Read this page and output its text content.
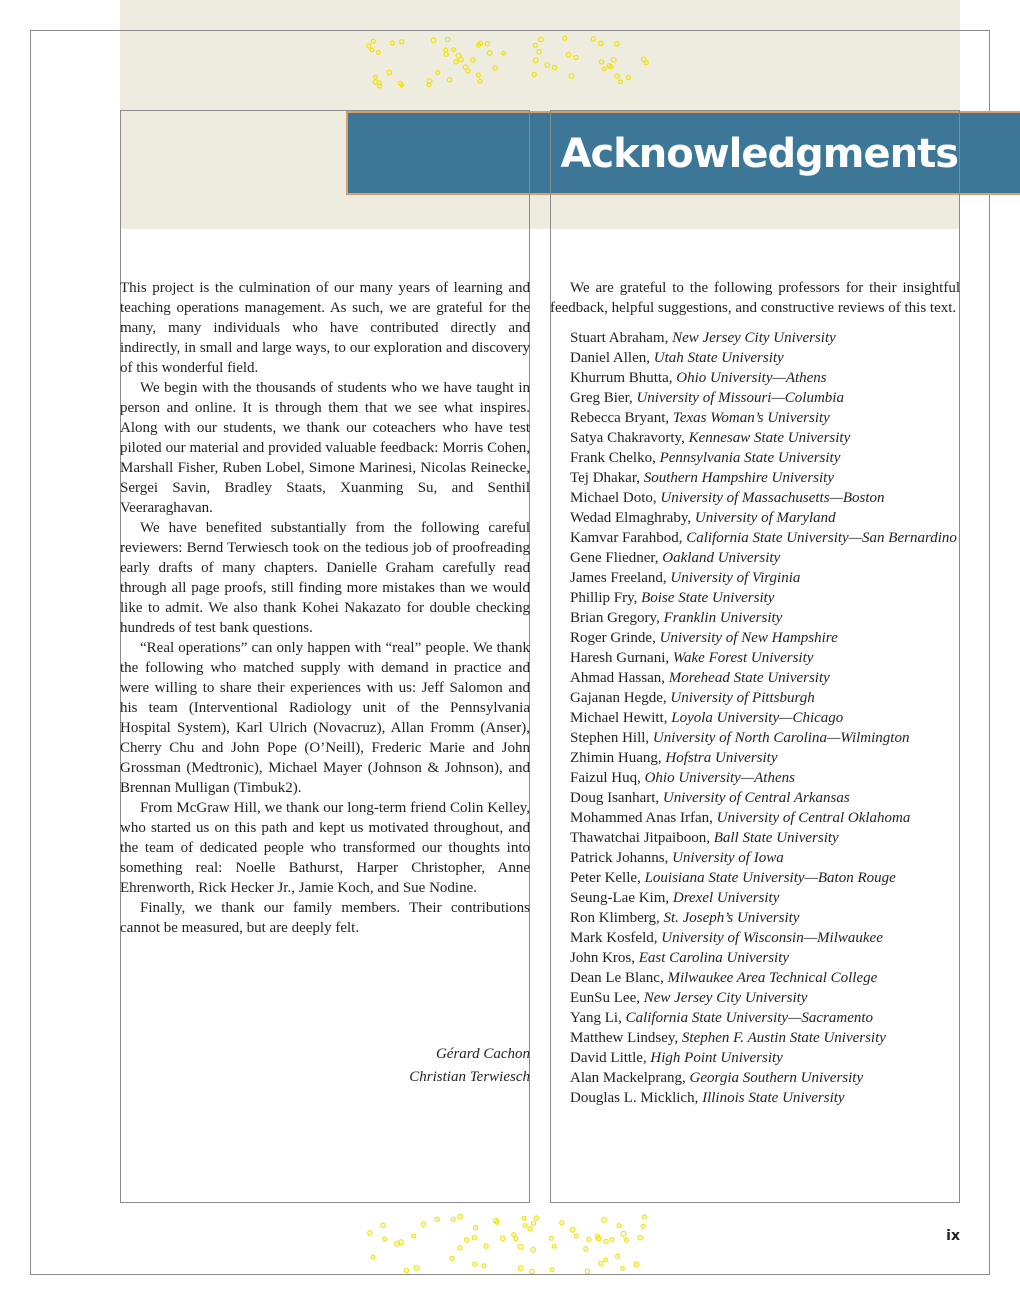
Acknowledgments

This project is the culmination of our many years of learning and teaching operations management. As such, we are grateful for the many, many individuals who have contributed directly and indirectly, in small and large ways, to our exploration and discovery of this wonderful field.

We begin with the thousands of students who we have taught in person and online. It is through them that we see what inspires. Along with our students, we thank our coteachers who have test piloted our material and provided valuable feedback: Morris Cohen, Marshall Fisher, Ruben Lobel, Simone Marinesi, Nicolas Reinecke, Sergei Savin, Bradley Staats, Xuanming Su, and Senthil Veeraraghavan.

We have benefited substantially from the following careful reviewers: Bernd Terwiesch took on the tedious job of proofreading early drafts of many chapters. Danielle Graham carefully read through all page proofs, still finding more mistakes than we would like to admit. We also thank Kohei Nakazato for double checking hundreds of test bank questions.

“Real operations” can only happen with “real” people. We thank the following who matched supply with demand in practice and were willing to share their experiences with us: Jeff Salomon and his team (Interventional Radiology unit of the Pennsylvania Hospital System), Karl Ulrich (Novacruz), Allan Fromm (Anser), Cherry Chu and John Pope (O’Neill), Frederic Marie and John Grossman (Medtronic), Michael Mayer (Johnson & Johnson), and Brennan Mulligan (Timbuk2).

From McGraw Hill, we thank our long-term friend Colin Kelley, who started us on this path and kept us motivated throughout, and the team of dedicated people who transformed our thoughts into something real: Noelle Bathurst, Harper Christopher, Anne Ehrenworth, Rick Hecker Jr., Jamie Koch, and Sue Nodine.

Finally, we thank our family members. Their contributions cannot be measured, but are deeply felt.

Gérard Cachon
Christian Terwiesch

We are grateful to the following professors for their insightful feedback, helpful suggestions, and constructive reviews of this text.

Stuart Abraham, New Jersey City University
Daniel Allen, Utah State University
Khurrum Bhutta, Ohio University—Athens
Greg Bier, University of Missouri—Columbia
Rebecca Bryant, Texas Woman’s University
Satya Chakravorty, Kennesaw State University
Frank Chelko, Pennsylvania State University
Tej Dhakar, Southern Hampshire University
Michael Doto, University of Massachusetts—Boston
Wedad Elmaghraby, University of Maryland
Kamvar Farahbod, California State University—San Bernardino
Gene Fliedner, Oakland University
James Freeland, University of Virginia
Phillip Fry, Boise State University
Brian Gregory, Franklin University
Roger Grinde, University of New Hampshire
Haresh Gurnani, Wake Forest University
Ahmad Hassan, Morehead State University
Gajanan Hegde, University of Pittsburgh
Michael Hewitt, Loyola University—Chicago
Stephen Hill, University of North Carolina—Wilmington
Zhimin Huang, Hofstra University
Faizul Huq, Ohio University—Athens
Doug Isanhart, University of Central Arkansas
Mohammed Anas Irfan, University of Central Oklahoma
Thawatchai Jitpaiboon, Ball State University
Patrick Johanns, University of Iowa
Peter Kelle, Louisiana State University—Baton Rouge
Seung-Lae Kim, Drexel University
Ron Klimberg, St. Joseph’s University
Mark Kosfeld, University of Wisconsin—Milwaukee
John Kros, East Carolina University
Dean Le Blanc, Milwaukee Area Technical College
EunSu Lee, New Jersey City University
Yang Li, California State University—Sacramento
Matthew Lindsey, Stephen F. Austin State University
David Little, High Point University
Alan Mackelprang, Georgia Southern University
Douglas L. Micklich, Illinois State University
ix
